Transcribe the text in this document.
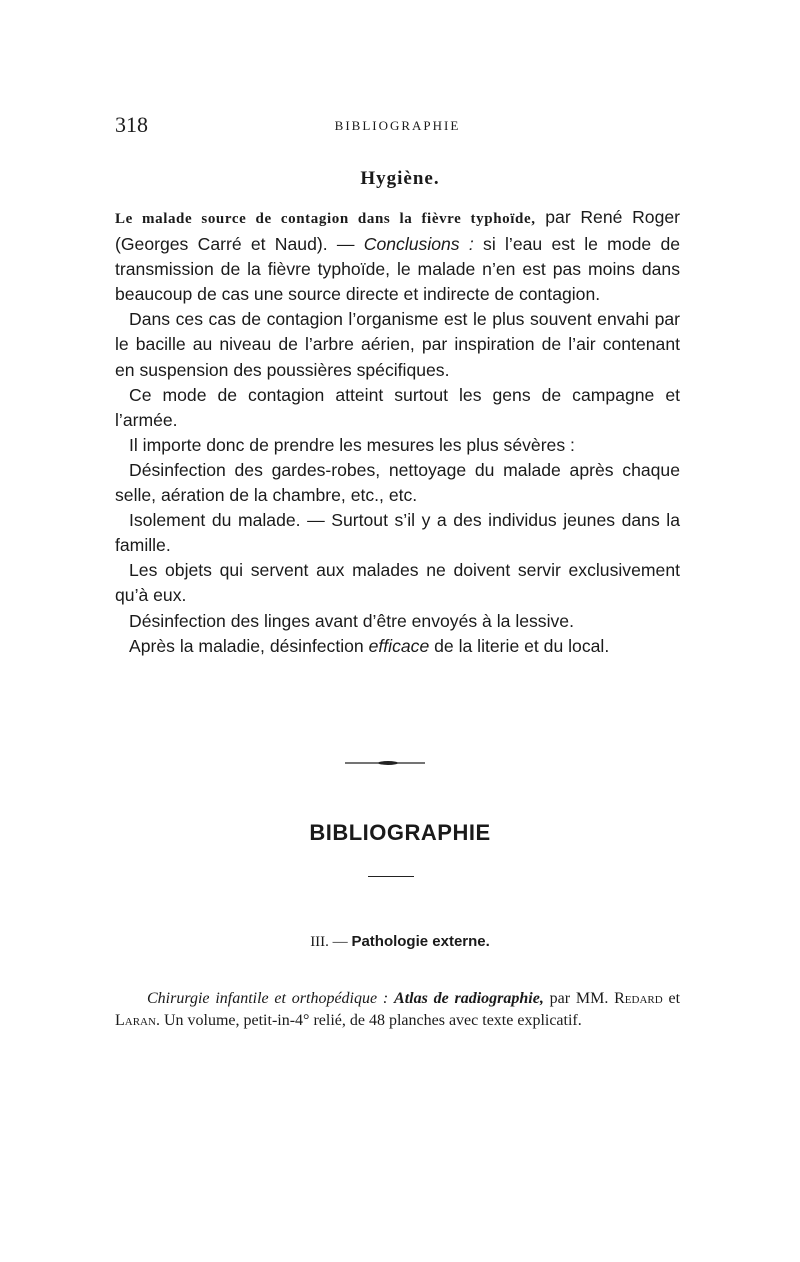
318	BIBLIOGRAPHIE
Hygiène.

Le malade source de contagion dans la fièvre typhoïde, par René Roger (Georges Carré et Naud). — Conclusions : si l’eau est le mode de transmission de la fièvre typhoïde, le malade n’en est pas moins dans beaucoup de cas une source directe et indirecte de contagion.

Dans ces cas de contagion l’organisme est le plus souvent envahi par le bacille au niveau de l’arbre aérien, par inspiration de l’air contenant en suspension des poussières spécifiques.

Ce mode de contagion atteint surtout les gens de campagne et l’armée.

Il importe donc de prendre les mesures les plus sévères :

Désinfection des gardes-robes, nettoyage du malade après chaque selle, aération de la chambre, etc., etc.

Isolement du malade. — Surtout s’il y a des individus jeunes dans la famille.

Les objets qui servent aux malades ne doivent servir exclusivement qu’à eux.

Désinfection des linges avant d’être envoyés à la lessive.

Après la maladie, désinfection efficace de la literie et du local.

BIBLIOGRAPHIE
III. — Pathologie externe.

Chirurgie infantile et orthopédique : Atlas de radiographie, par MM. Redard et Laran. Un volume, petit-in-4° relié, de 48 planches avec texte explicatif.
